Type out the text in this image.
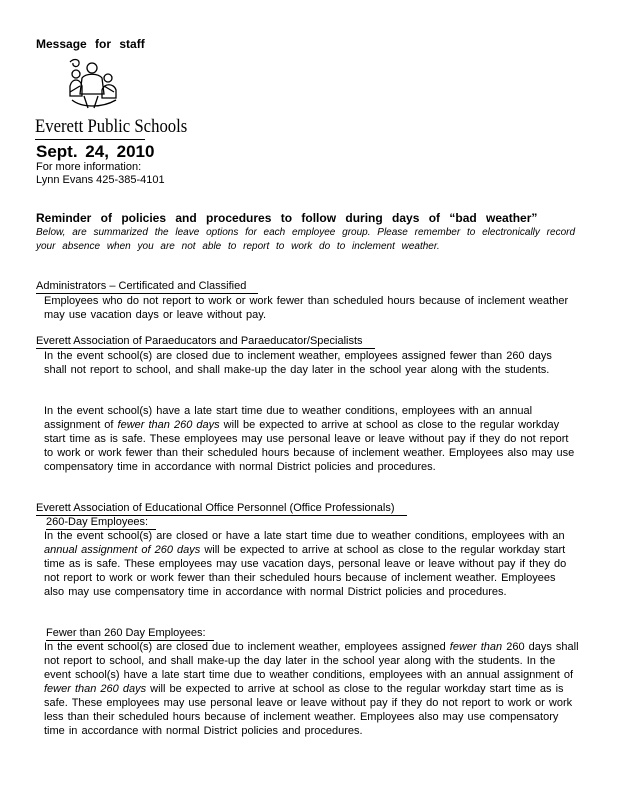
Message for staff
Everett Public Schools
Sept. 24, 2010
For more information:
Lynn Evans 425-385-4101
Reminder of policies and procedures to follow during days of “bad weather”
Below, are summarized the leave options for each employee group. Please remember to electronically record your absence when you are not able to report to work do to inclement weather.
Administrators – Certificated and Classified
Employees who do not report to work or work fewer than scheduled hours because of inclement weather may use vacation days or leave without pay.
Everett Association of Paraeducators and Paraeducator/Specialists
In the event school(s) are closed due to inclement weather, employees assigned fewer than 260 days shall not report to school, and shall make-up the day later in the school year along with the students.
In the event school(s) have a late start time due to weather conditions, employees with an annual assignment of fewer than 260 days will be expected to arrive at school as close to the regular workday start time as is safe. These employees may use personal leave or leave without pay if they do not report to work or work fewer than their scheduled hours because of inclement weather. Employees also may use compensatory time in accordance with normal District policies and procedures.
Everett Association of Educational Office Personnel (Office Professionals)
260-Day Employees:
In the event school(s) are closed or have a late start time due to weather conditions, employees with an annual assignment of 260 days will be expected to arrive at school as close to the regular workday start time as is safe. These employees may use vacation days, personal leave or leave without pay if they do not report to work or work fewer than their scheduled hours because of inclement weather. Employees also may use compensatory time in accordance with normal District policies and procedures.
Fewer than 260 Day Employees:
In the event school(s) are closed due to inclement weather, employees assigned fewer than 260 days shall not report to school, and shall make-up the day later in the school year along with the students. In the event school(s) have a late start time due to weather conditions, employees with an annual assignment of fewer than 260 days will be expected to arrive at school as close to the regular workday start time as is safe. These employees may use personal leave or leave without pay if they do not report to work or work less than their scheduled hours because of inclement weather. Employees also may use compensatory time in accordance with normal District policies and procedures.
